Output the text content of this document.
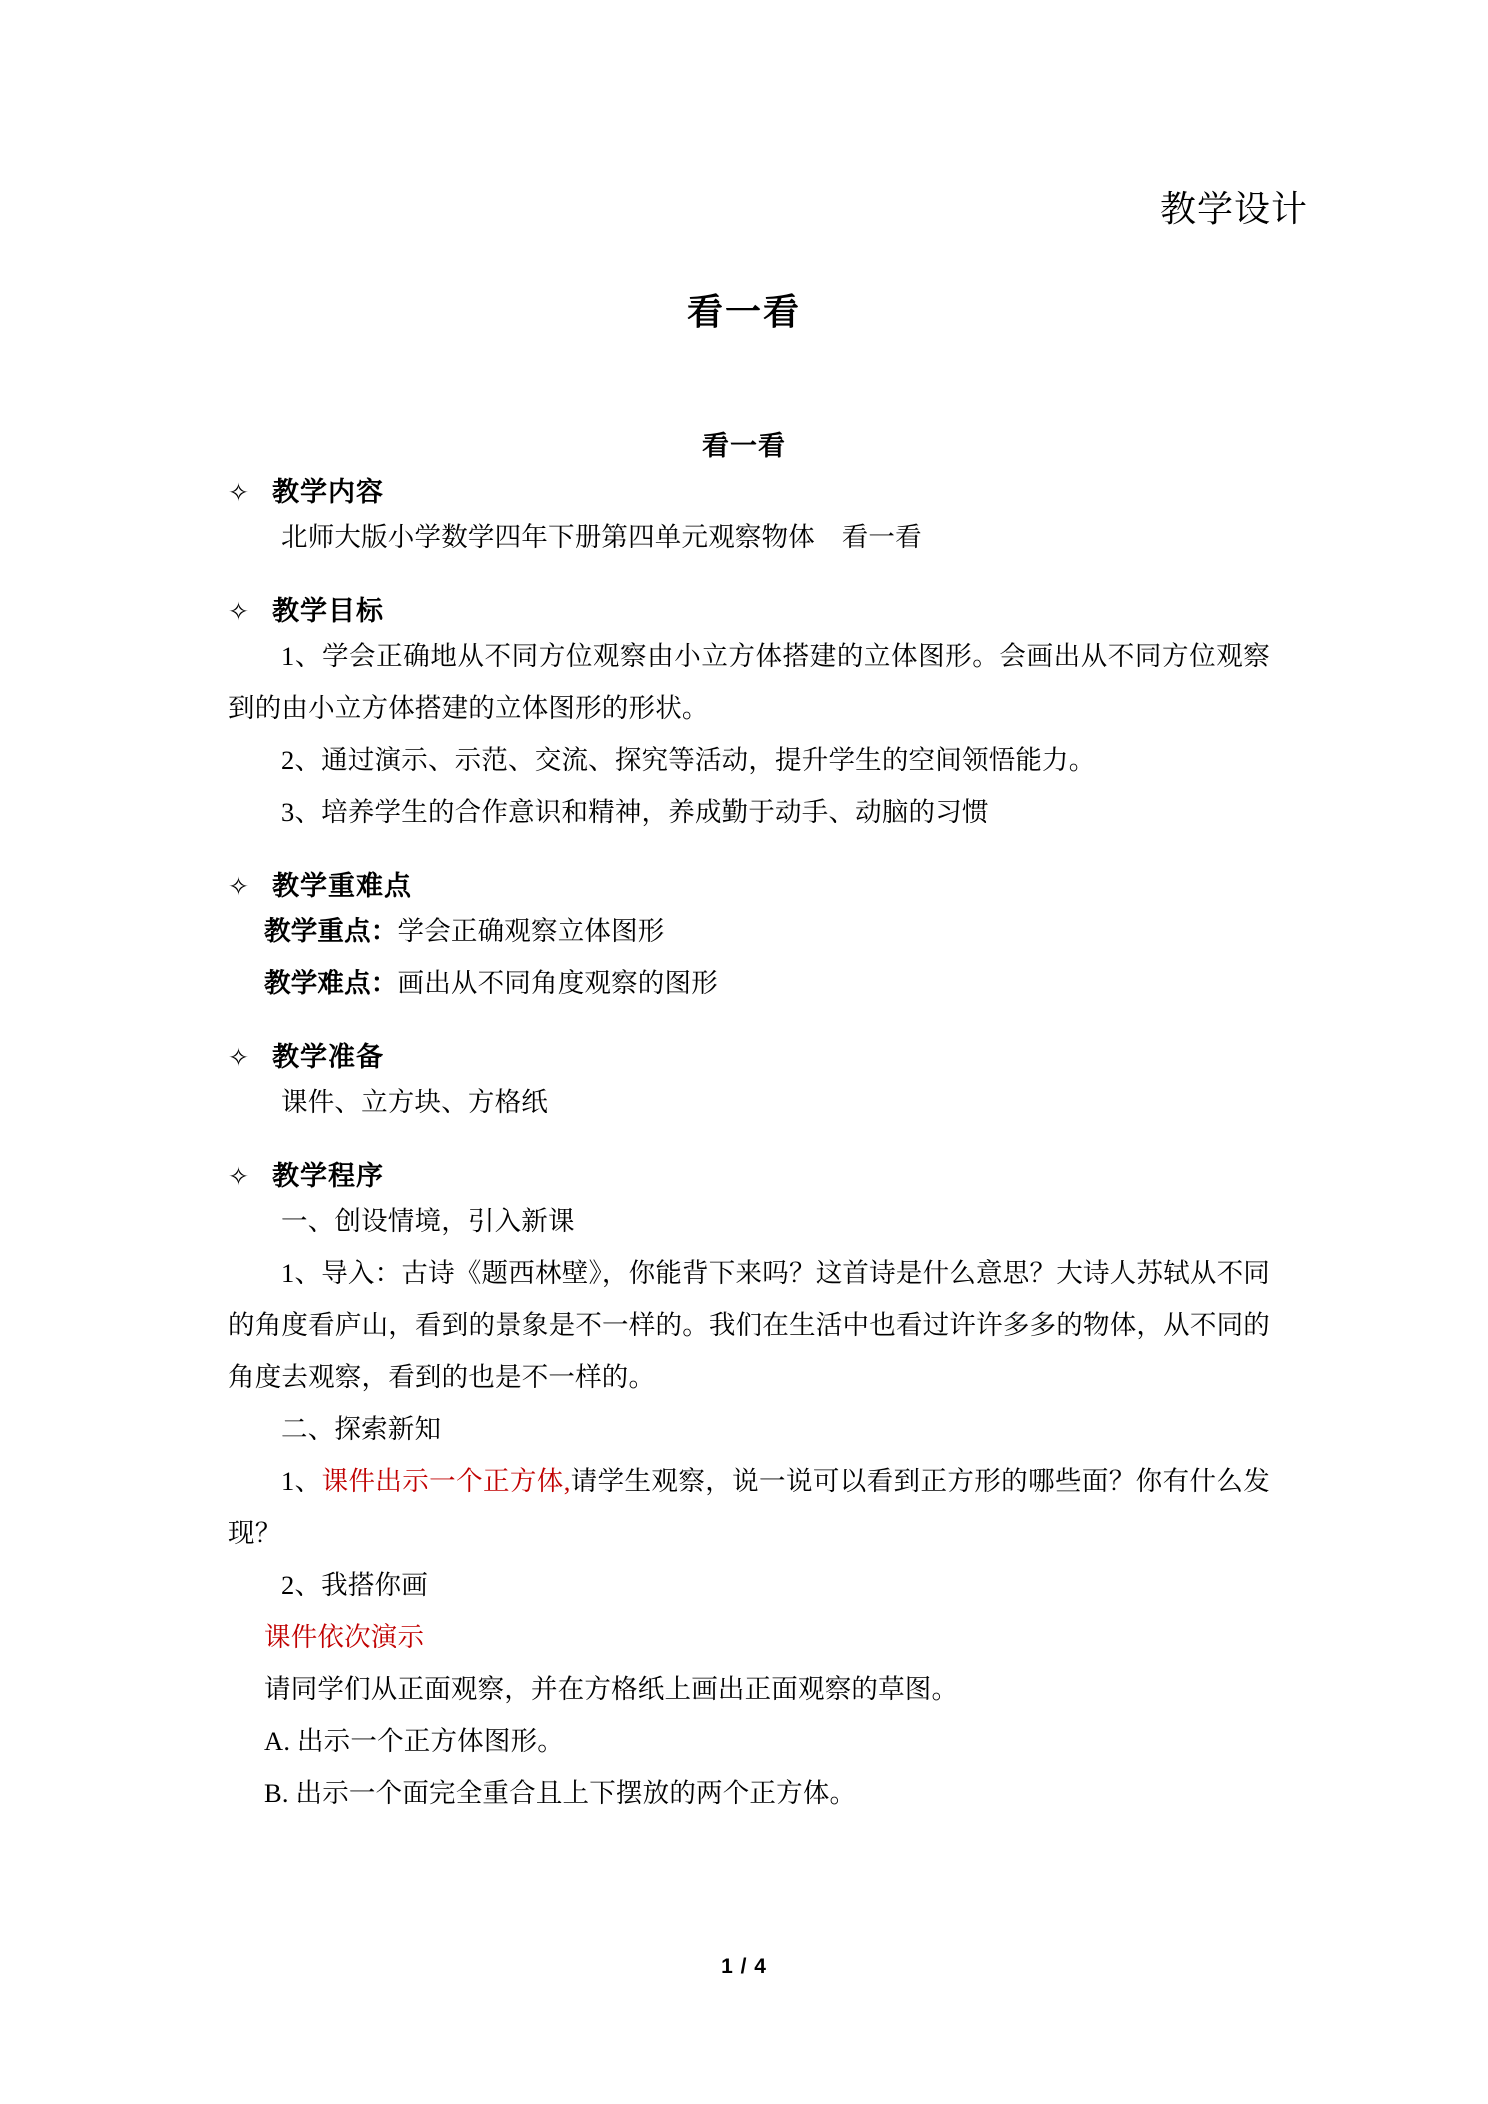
教学设计
看一看
看一看
✧ 教学内容
北师大版小学数学四年下册第四单元观察物体　看一看
✧ 教学目标
1、学会正确地从不同方位观察由小立方体搭建的立体图形。会画出从不同方位观察到的由小立方体搭建的立体图形的形状。
2、通过演示、示范、交流、探究等活动，提升学生的空间领悟能力。
3、培养学生的合作意识和精神，养成勤于动手、动脑的习惯
✧ 教学重难点
教学重点：学会正确观察立体图形
教学难点：画出从不同角度观察的图形
✧ 教学准备
课件、立方块、方格纸
✧ 教学程序
一、创设情境，引入新课
1、导入：古诗《题西林壁》，你能背下来吗？这首诗是什么意思？大诗人苏轼从不同的角度看庐山，看到的景象是不一样的。我们在生活中也看过许许多多的物体，从不同的角度去观察，看到的也是不一样的。
二、探索新知
1、课件出示一个正方体,请学生观察，说一说可以看到正方形的哪些面？你有什么发现？
2、我搭你画
课件依次演示
请同学们从正面观察，并在方格纸上画出正面观察的草图。
A. 出示一个正方体图形。
B. 出示一个面完全重合且上下摆放的两个正方体。
1 / 4
